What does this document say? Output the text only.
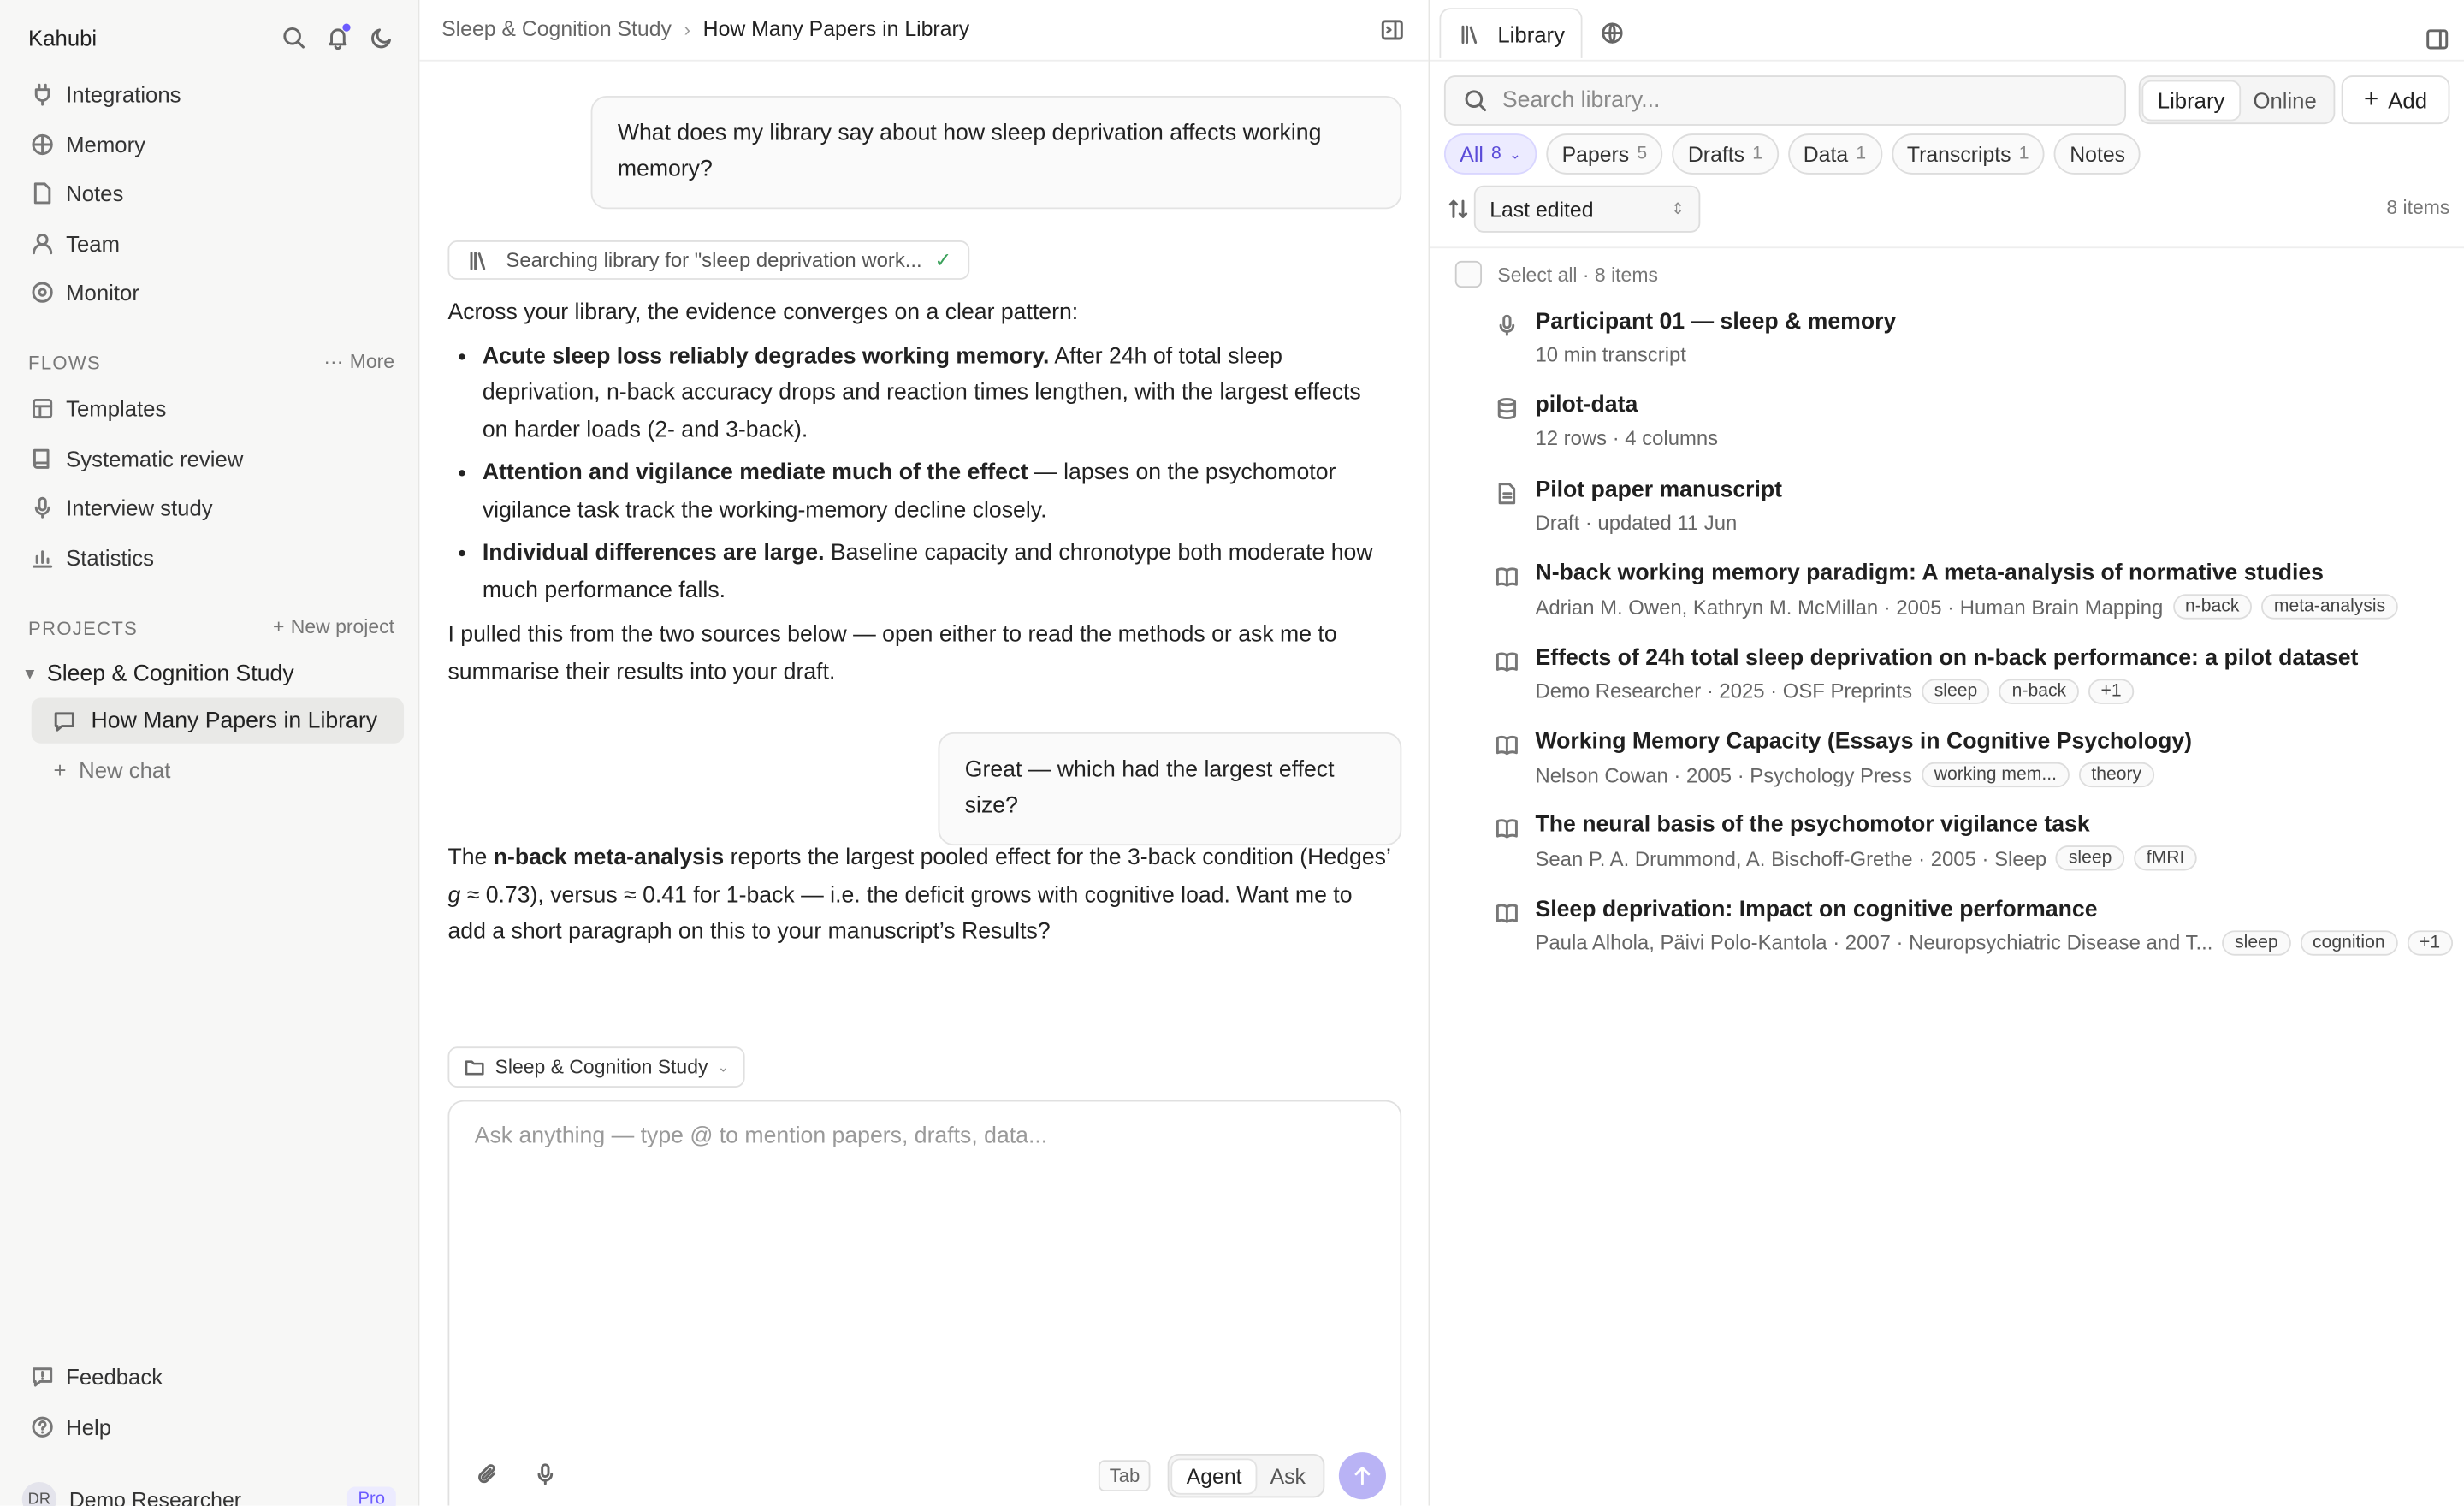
Kahubi
Integrations
Memory
Notes
Team
Monitor
FLOWS	··· More
Templates
Systematic review
Interview study
Statistics
PROJECTS	+ New project
▼ Sleep & Cognition Study
How Many Papers in Library
+ New chat
Feedback
Help
DR	Demo Researcher	Pro
Sleep & Cognition Study › How Many Papers in Library
What does my library say about how sleep deprivation affects working memory?
Searching library for "sleep deprivation work... ✓

Across your library, the evidence converges on a clear pattern:

• Acute sleep loss reliably degrades working memory. After 24h of total sleep deprivation, n-back accuracy drops and reaction times lengthen, with the largest effects on harder loads (2- and 3-back).
• Attention and vigilance mediate much of the effect — lapses on the psychomotor vigilance task track the working-memory decline closely.
• Individual differences are large. Baseline capacity and chronotype both moderate how much performance falls.

I pulled this from the two sources below — open either to read the methods or ask me to summarise their results into your draft.

Great — which had the largest effect size?

The n-back meta-analysis reports the largest pooled effect for the 3-back condition (Hedges’ g ≈ 0.73), versus ≈ 0.41 for 1-back — i.e. the deficit grows with cognitive load. Want me to add a short paragraph on this to your manuscript’s Results?

Sleep & Cognition Study ⌄
Ask anything — type @ to mention papers, drafts, data...
Tab	Agent	Ask
Library
Search library...
Library	Online	+ Add
All 8 ⌄	Papers 5	Drafts 1	Data 1	Transcripts 1	Notes
Last edited	⇕	8 items
Select all · 8 items
Participant 01 — sleep & memory
10 min transcript
pilot-data
12 rows · 4 columns
Pilot paper manuscript
Draft · updated 11 Jun
N-back working memory paradigm: A meta-analysis of normative studies
Adrian M. Owen, Kathryn M. McMillan · 2005 · Human Brain Mapping	n-back	meta-analysis
Effects of 24h total sleep deprivation on n-back performance: a pilot dataset
Demo Researcher · 2025 · OSF Preprints	sleep	n-back	+1
Working Memory Capacity (Essays in Cognitive Psychology)
Nelson Cowan · 2005 · Psychology Press	working mem...	theory
The neural basis of the psychomotor vigilance task
Sean P. A. Drummond, A. Bischoff-Grethe · 2005 · Sleep	sleep	fMRI
Sleep deprivation: Impact on cognitive performance
Paula Alhola, Päivi Polo-Kantola · 2007 · Neuropsychiatric Disease and T...	sleep	cognition	+1
